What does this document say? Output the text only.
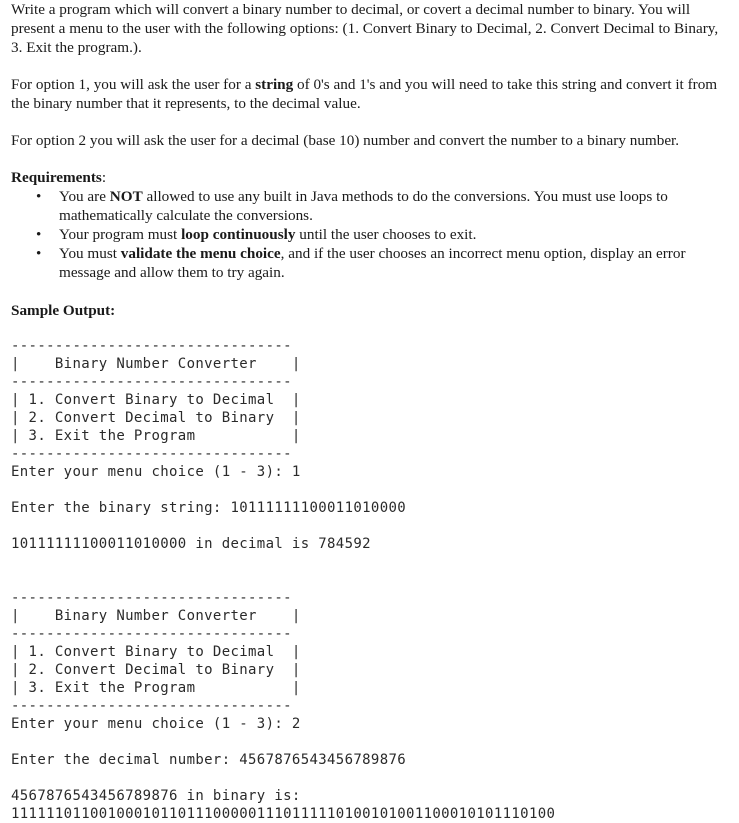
Write a program which will convert a binary number to decimal, or covert a decimal number to binary. You will present a menu to the user with the following options: (1. Convert Binary to Decimal, 2. Convert Decimal to Binary, 3. Exit the program.).

For option 1, you will ask the user for a string of 0's and 1's and you will need to take this string and convert it from the binary number that it represents, to the decimal value.

For option 2 you will ask the user for a decimal (base 10) number and convert the number to a binary number.

Requirements:

• You are NOT allowed to use any built in Java methods to do the conversions. You must use loops to mathematically calculate the conversions.
• Your program must loop continuously until the user chooses to exit.
• You must validate the menu choice, and if the user chooses an incorrect menu option, display an error message and allow them to try again.

Sample Output:

--------------------------------
|    Binary Number Converter    |
--------------------------------
| 1. Convert Binary to Decimal  |
| 2. Convert Decimal to Binary  |
| 3. Exit the Program           |
--------------------------------
Enter your menu choice (1 - 3): 1
Enter the binary string: 10111111100011010000
10111111100011010000 in decimal is 784592
--------------------------------
|    Binary Number Converter    |
--------------------------------
| 1. Convert Binary to Decimal  |
| 2. Convert Decimal to Binary  |
| 3. Exit the Program           |
--------------------------------
Enter your menu choice (1 - 3): 2
Enter the decimal number: 4567876543456789876
4567876543456789876 in binary is:
11111101100100010110111000001110111110100101001100010101110100
